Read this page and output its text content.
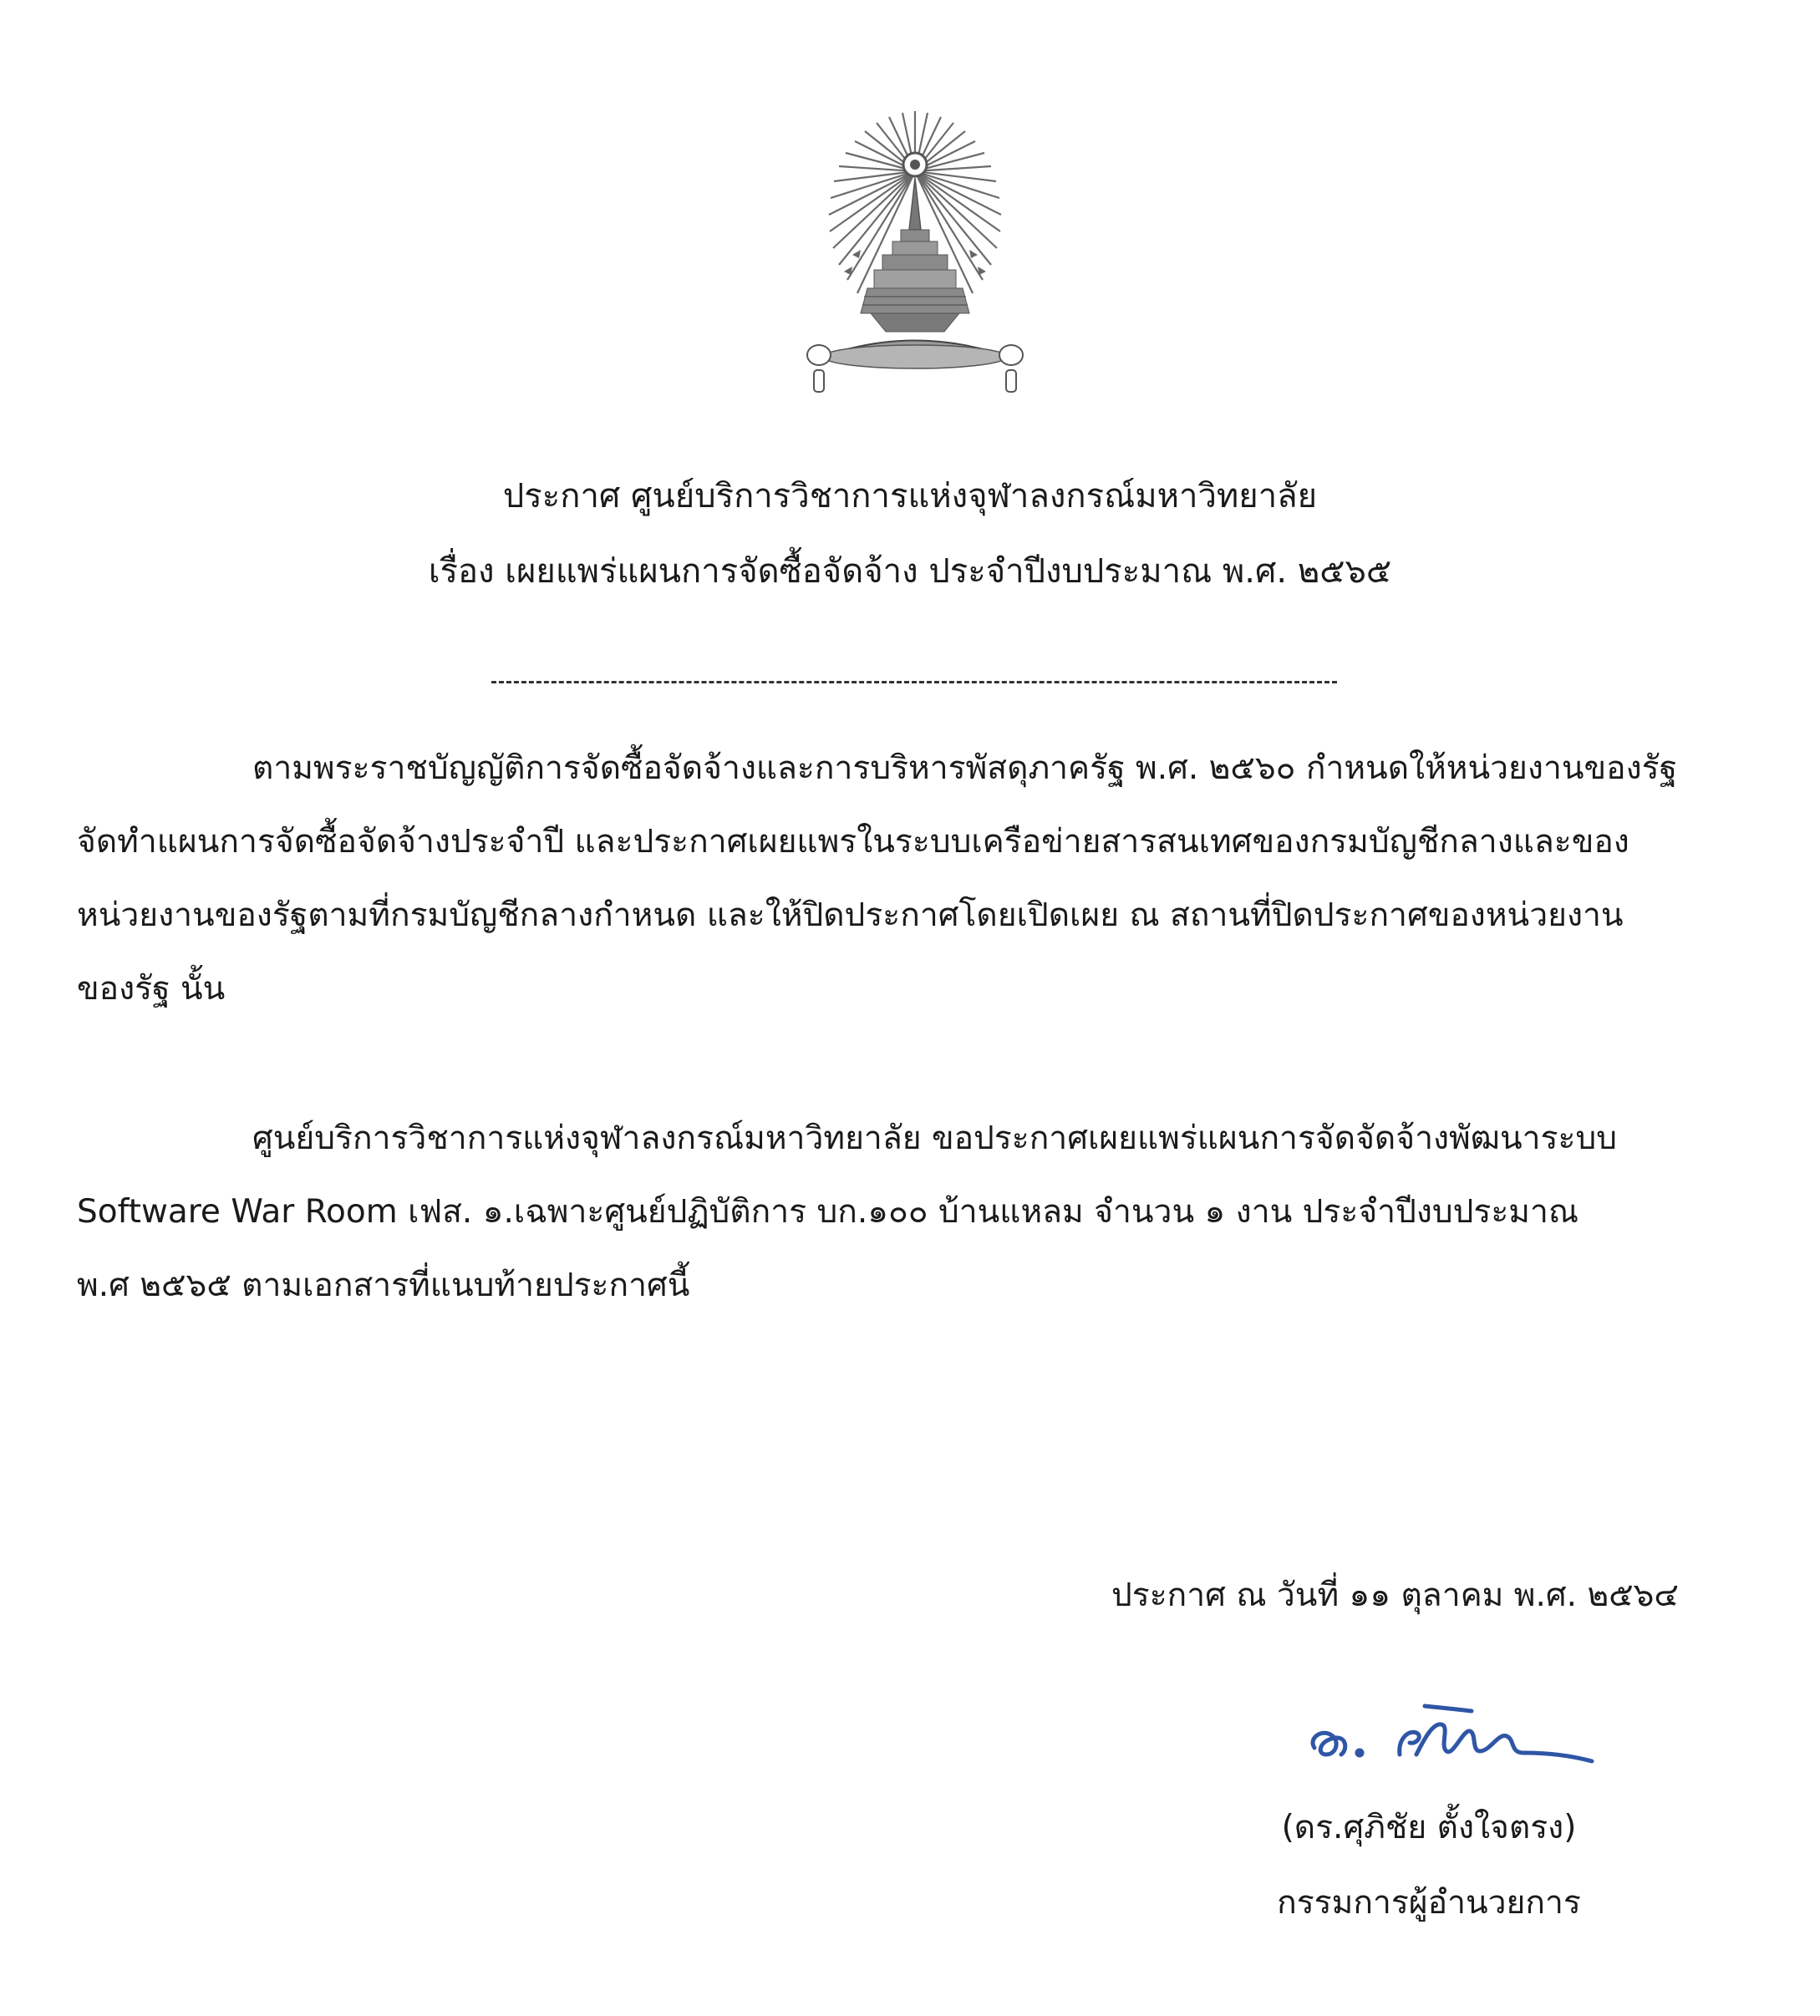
ประกาศ ศูนย์บริการวิชาการแห่งจุฬาลงกรณ์มหาวิทยาลัย
เรื่อง เผยแพร่แผนการจัดซื้อจัดจ้าง ประจำปีงบประมาณ พ.ศ. ๒๕๖๕
ตามพระราชบัญญัติการจัดซื้อจัดจ้างและการบริหารพัสดุภาครัฐ พ.ศ. ๒๕๖๐ กำหนดให้หน่วยงานของรัฐ
จัดทำแผนการจัดซื้อจัดจ้างประจำปี และประกาศเผยแพรในระบบเครือข่ายสารสนเทศของกรมบัญชีกลางและของ
หน่วยงานของรัฐตามที่กรมบัญชีกลางกำหนด และให้ปิดประกาศโดยเปิดเผย ณ สถานที่ปิดประกาศของหน่วยงาน
ของรัฐ นั้น
ศูนย์บริการวิชาการแห่งจุฬาลงกรณ์มหาวิทยาลัย ขอประกาศเผยแพร่แผนการจัดจัดจ้างพัฒนาระบบ
Software War Room เฟส. ๑.เฉพาะศูนย์ปฏิบัติการ บก.๑๐๐ บ้านแหลม จำนวน ๑ งาน ประจำปีงบประมาณ
พ.ศ ๒๕๖๕ ตามเอกสารที่แนบท้ายประกาศนี้
ประกาศ ณ วันที่ ๑๑ ตุลาคม พ.ศ. ๒๕๖๔
(ดร.ศุภิชัย ตั้งใจตรง)
กรรมการผู้อำนวยการ
